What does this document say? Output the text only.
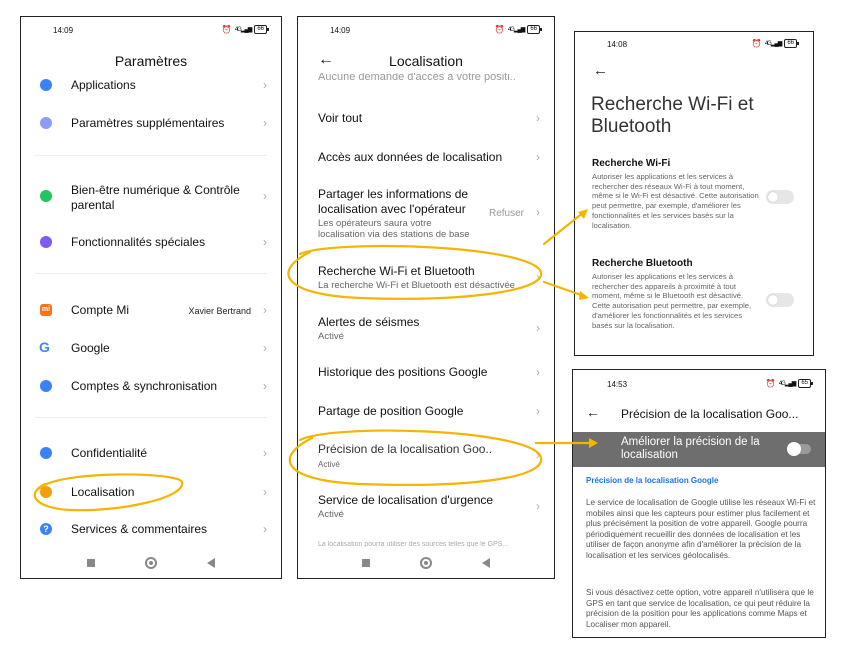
14:09	⏰ 4G▂▄▆	66
Paramètres
Applications	›
Paramètres supplémentaires	›
Bien-être numérique & Contrôle parental
›
Fonctionnalités spéciales	›
mi Compte Mi	Xavier Bertrand ›
G Google	›
Comptes & synchronisation	›
Confidentialité	›
Localisation	›
? Services & commentaires	›
14:09	⏰ 4G▂▄▆	66
←	Localisation
Aucune demande d'accès à votre positi..
Voir tout	›
Accès aux données de localisation	›
Partager les informations de localisation avec l'opérateur
Les opérateurs saura votre localisation via des stations de base
Refuser ›
Recherche Wi-Fi et Bluetooth
La recherche Wi-Fi et Bluetooth est désactivée
›
Alertes de séismes
Activé
›
Historique des positions Google	›
Partage de position Google	›
Précision de la localisation Goo..
Activé
›
Service de localisation d'urgence
Activé
›
La localisation pourra utiliser des sources telles que le GPS...
14:08	⏰ 4G▂▄▆	66
←
Recherche Wi-Fi et Bluetooth
Recherche Wi-Fi
Autoriser les applications et les services à rechercher des réseaux Wi-Fi à tout moment, même si le Wi-Fi est désactivé. Cette autorisation peut permettre, par exemple, d'améliorer les fonctionnalités et les services basés sur la localisation.
Recherche Bluetooth
Autoriser les applications et les services à rechercher des appareils à proximité à tout moment, même si le Bluetooth est désactivé. Cette autorisation peut permettre, par exemple, d'améliorer les fonctionnalités et les services basés sur la localisation.
14:53	⏰ 4G▂▄▆	65
← Précision de la localisation Goo...
Améliorer la précision de la localisation
Précision de la localisation Google
Le service de localisation de Google utilise les réseaux Wi-Fi et mobiles ainsi que les capteurs pour estimer plus facilement et plus précisément la position de votre appareil. Google pourra périodiquement recueillir des données de localisation et les utiliser de façon anonyme afin d'améliorer la précision de la localisation et les services géolocalisés.
Si vous désactivez cette option, votre appareil n'utilisera que le GPS en tant que service de localisation, ce qui peut réduire la précision de la position pour les applications comme Maps et Localiser mon appareil.
